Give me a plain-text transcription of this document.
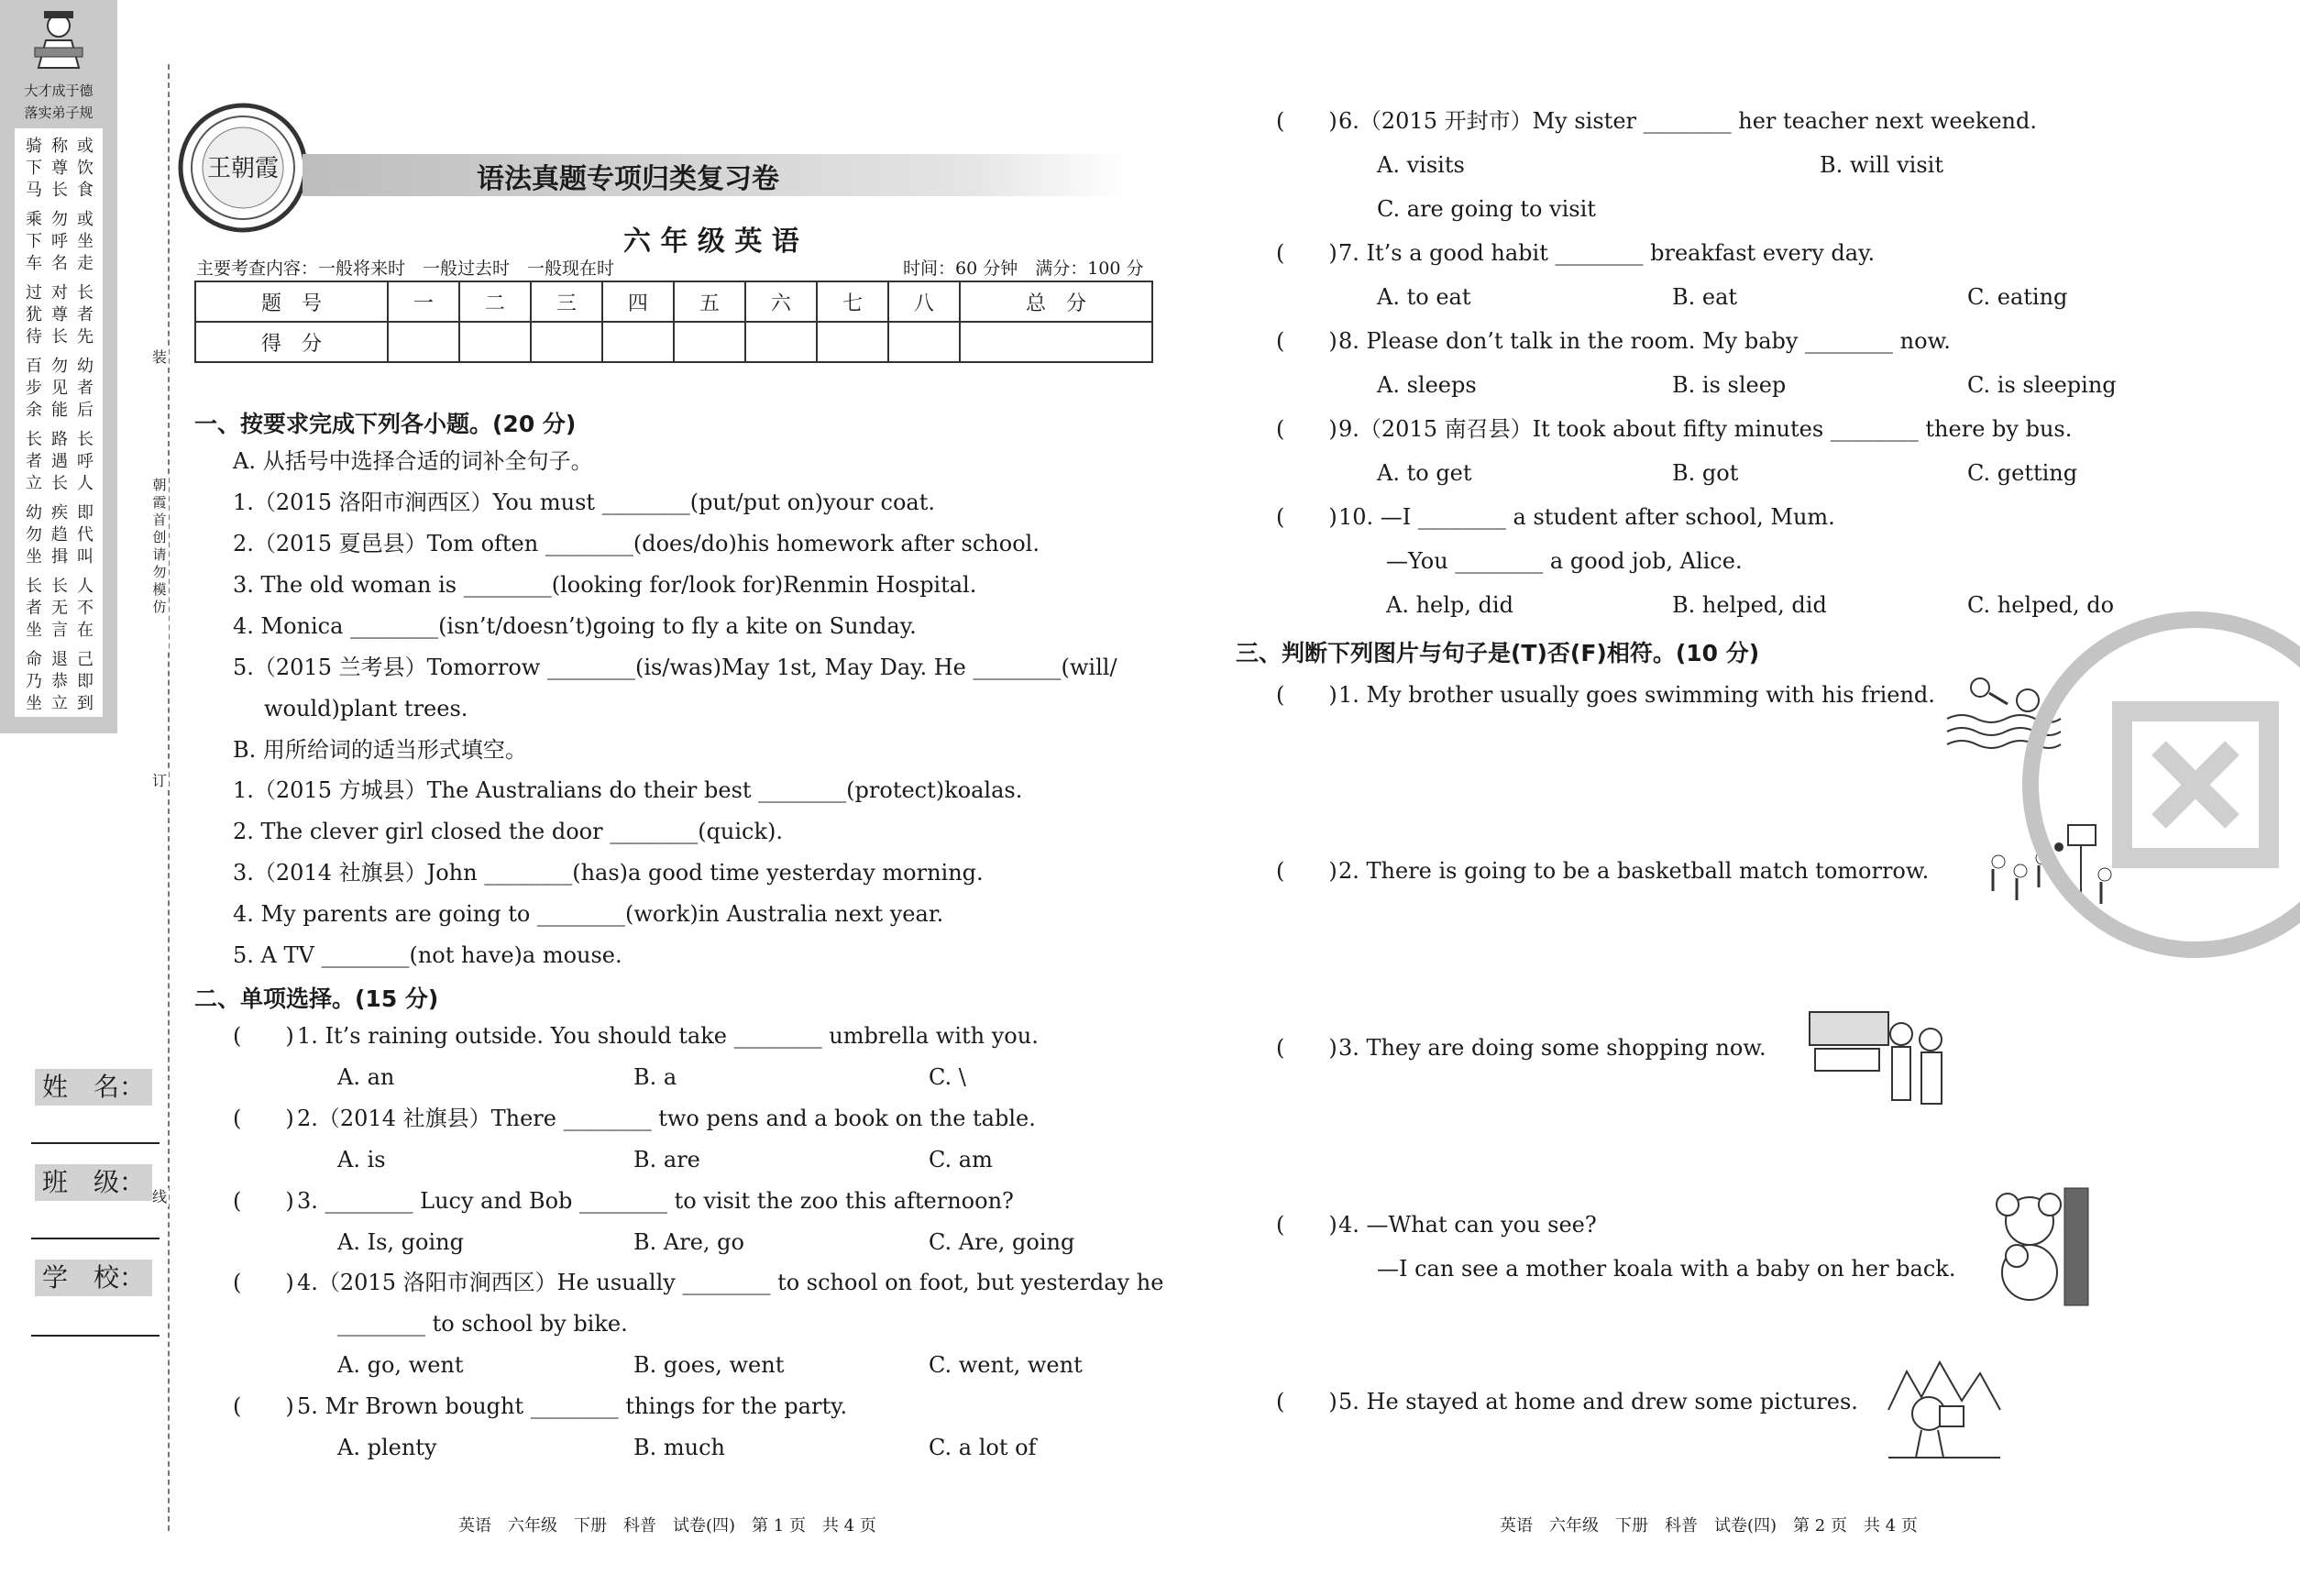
装
订
线
朝霞首创　请勿模仿
大才成于德
落实弟子规
骑下马
称尊长
或饮食
乘下车
勿呼名
或坐走
过犹待
对尊长
长者先
百步余
勿见能
幼者后
长者立
路遇长
长呼人
幼勿坐
疾趋揖
即代叫
长者坐
长无言
人不在
命乃坐
退恭立
己即到
姓　名：
班　级：
学　校：
王朝霞	语法真题专项归类复习卷
六 年 级 英 语
主要考查内容：一般将来时　一般过去时　一般现在时	时间：60 分钟　满分：100 分
题　号	一	二	三	四	五	六	七	八	总　分
得　分									
一、按要求完成下列各小题。(20 分)
A. 从括号中选择合适的词补全句子。
1.（2015 洛阳市涧西区）You must ________(put/put on)your coat.
2.（2015 夏邑县）Tom often ________(does/do)his homework after school.
3. The old woman is ________(looking for/look for)Renmin Hospital.
4. Monica ________(isn’t/doesn’t)going to fly a kite on Sunday.
5.（2015 兰考县）Tomorrow ________(is/was)May 1st, May Day. He ________(will/
would)plant trees.
B. 用所给词的适当形式填空。
1.（2015 方城县）The Australians do their best ________(protect)koalas.
2. The clever girl closed the door ________(quick).
3.（2014 社旗县）John ________(has)a good time yesterday morning.
4. My parents are going to ________(work)in Australia next year.
5. A TV ________(not have)a mouse.
二、单项选择。(15 分)
(　　) 1. It’s raining outside. You should take ________ umbrella with you.
A. an	B. a	C. \
(　　) 2.（2014 社旗县）There ________ two pens and a book on the table.
A. is	B. are	C. am
(　　) 3. ________ Lucy and Bob ________ to visit the zoo this afternoon?
A. Is, going	B. Are, go	C. Are, going
(　　) 4.（2015 洛阳市涧西区）He usually ________ to school on foot, but yesterday he
________ to school by bike.
A. go, went	B. goes, went	C. went, went
(　　) 5. Mr Brown bought ________ things for the party.
A. plenty	B. much	C. a lot of
英语　六年级　下册　科普　试卷(四)　第 1 页　共 4 页
(　　) 6.（2015 开封市）My sister ________ her teacher next weekend.
A. visits	B. will visit
C. are going to visit
(　　) 7. It’s a good habit ________ breakfast every day.
A. to eat	B. eat	C. eating
(　　) 8. Please don’t talk in the room. My baby ________ now.
A. sleeps	B. is sleep	C. is sleeping
(　　) 9.（2015 南召县）It took about fifty minutes ________ there by bus.
A. to get	B. got	C. getting
(　　) 10. —I ________ a student after school, Mum.
—You ________ a good job, Alice.
A. help, did	B. helped, did	C. helped, do
三、判断下列图片与句子是(T)否(F)相符。(10 分)
(　　) 1. My brother usually goes swimming with his friend.
(　　) 2. There is going to be a basketball match tomorrow.
(　　) 3. They are doing some shopping now.
(　　) 4. —What can you see?
—I can see a mother koala with a baby on her back.
(　　) 5. He stayed at home and drew some pictures.
英语　六年级　下册　科普　试卷(四)　第 2 页　共 4 页
